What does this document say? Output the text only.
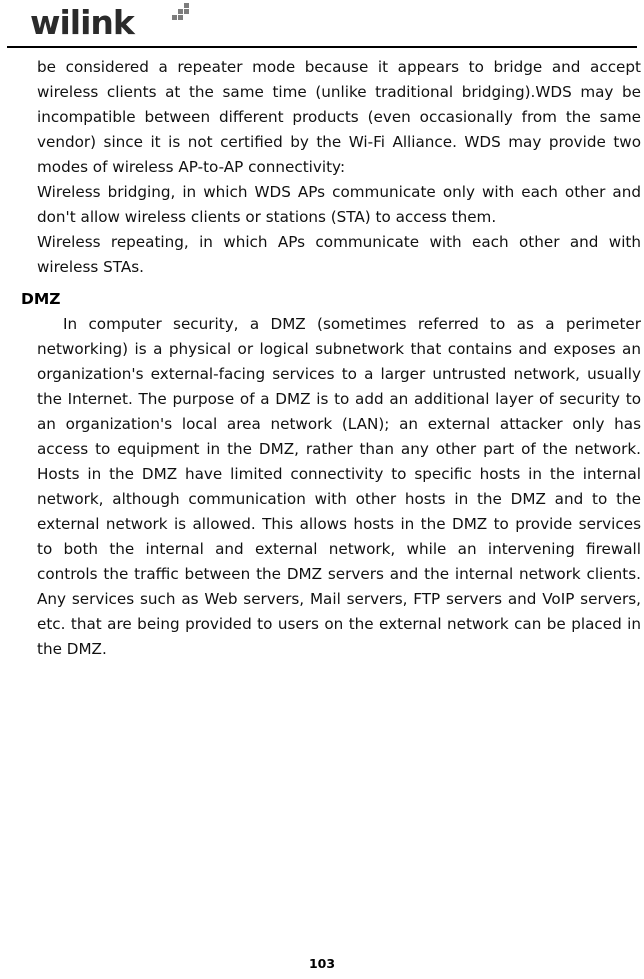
wilink

be considered a repeater mode because it appears to bridge and accept wireless clients at the same time (unlike traditional bridging).WDS may be incompatible between different products (even occasionally from the same vendor) since it is not certified by the Wi-Fi Alliance. WDS may provide two modes of wireless AP-to-AP connectivity:

Wireless bridging, in which WDS APs communicate only with each other and don't allow wireless clients or stations (STA) to access them.

Wireless repeating, in which APs communicate with each other and with wireless STAs.

DMZ

In computer security, a DMZ (sometimes referred to as a perimeter networking) is a physical or logical subnetwork that contains and exposes an organization's external-facing services to a larger untrusted network, usually the Internet. The purpose of a DMZ is to add an additional layer of security to an organization's local area network (LAN); an external attacker only has access to equipment in the DMZ, rather than any other part of the network. Hosts in the DMZ have limited connectivity to specific hosts in the internal network, although communication with other hosts in the DMZ and to the external network is allowed. This allows hosts in the DMZ to provide services to both the internal and external network, while an intervening firewall controls the traffic between the DMZ servers and the internal network clients. Any services such as Web servers, Mail servers, FTP servers and VoIP servers, etc. that are being provided to users on the external network can be placed in the DMZ.

103
